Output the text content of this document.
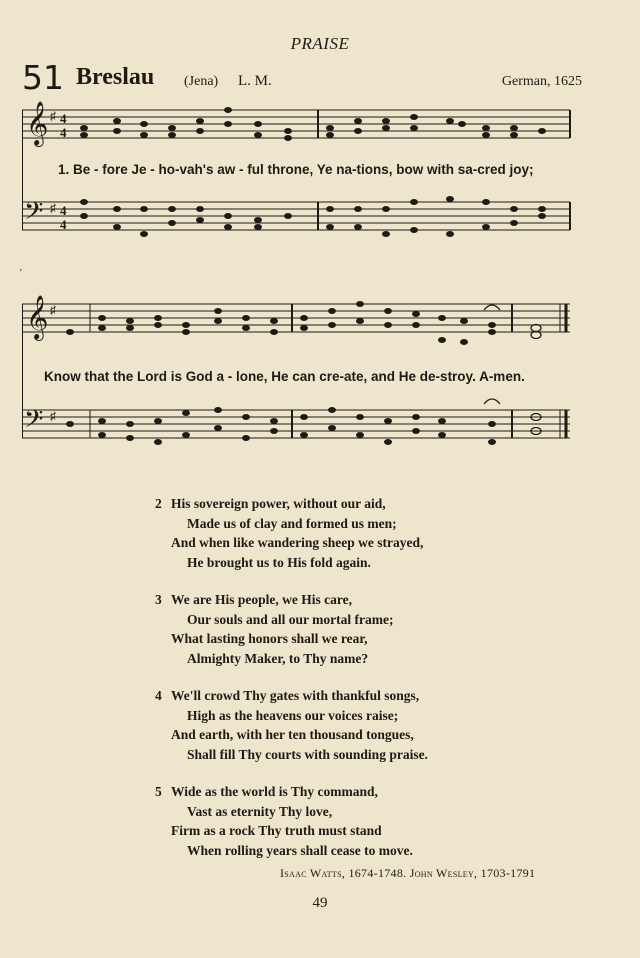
PRAISE
51 Breslau (Jena) L. M.	German, 1625
'
𝄞
𝄢
♯
♯
4
4
4
4
1. Be - fore Je - ho-vah's aw - ful throne, Ye na-tions, bow with sa-cred joy;
𝄞
𝄢
♯
♯
Know that the Lord is God a - lone, He can cre-ate, and He de-stroy. A-men.
2 His sovereign power, without our aid,
Made us of clay and formed us men;
And when like wandering sheep we strayed,
He brought us to His fold again.
3 We are His people, we His care,
Our souls and all our mortal frame;
What lasting honors shall we rear,
Almighty Maker, to Thy name?
4 We'll crowd Thy gates with thankful songs,
High as the heavens our voices raise;
And earth, with her ten thousand tongues,
Shall fill Thy courts with sounding praise.
5 Wide as the world is Thy command,
Vast as eternity Thy love,
Firm as a rock Thy truth must stand
When rolling years shall cease to move.
Isaac Watts, 1674-1748. John Wesley, 1703-1791
49
